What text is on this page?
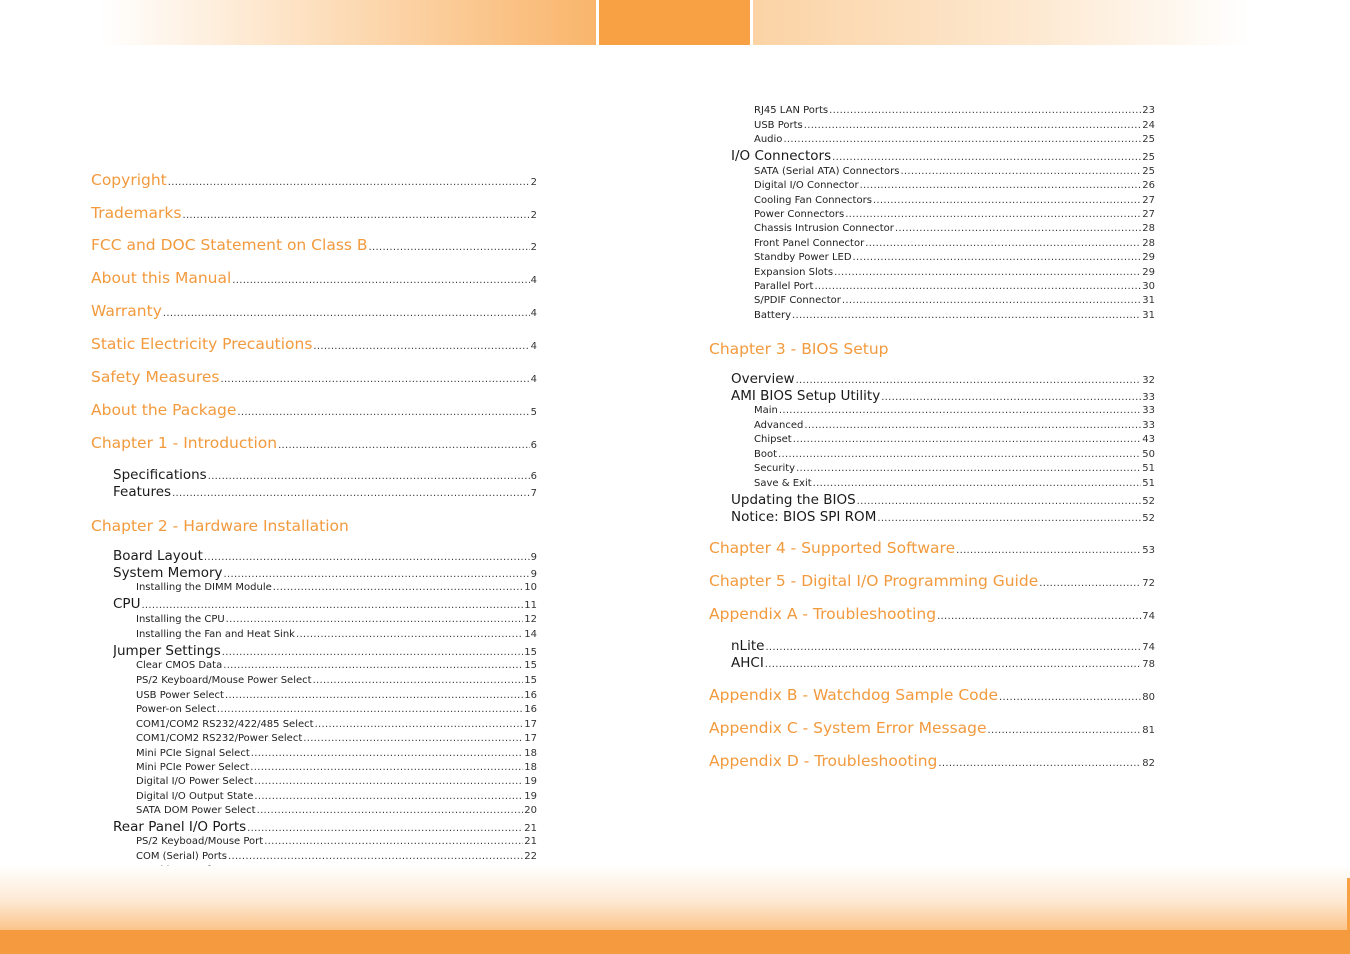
Copyright .....	2
Trademarks .....	2
FCC and DOC Statement on Class B .....	2
About this Manual .....	4
Warranty .....	4
Static Electricity Precautions .....	4
Safety Measures .....	4
About the Package .....	5
Chapter 1 - Introduction .....	6
Specifications .....	6
Features .....	7
Chapter 2 - Hardware Installation
Board Layout .....	9
System Memory .....	9
Installing the DIMM Module .....	10
CPU .....	11
Installing the CPU .....	12
Installing the Fan and Heat Sink .....	14
Jumper Settings .....	15
Clear CMOS Data .....	15
PS/2 Keyboard/Mouse Power Select .....	15
USB Power Select .....	16
Power-on Select .....	16
COM1/COM2 RS232/422/485 Select .....	17
COM1/COM2 RS232/Power Select .....	17
Mini PCIe Signal Select .....	18
Mini PCIe Power Select .....	18
Digital I/O Power Select .....	19
Digital I/O Output State .....	19
SATA DOM Power Select .....	20
Rear Panel I/O Ports .....	21
PS/2 Keyboad/Mouse Port .....	21
COM (Serial) Ports .....	22
.....
RJ45 LAN Ports .....	23
USB Ports .....	24
Audio .....	25
I/O Connectors .....	25
SATA (Serial ATA) Connectors .....	25
Digital I/O Connector .....	26
Cooling Fan Connectors .....	27
Power Connectors .....	27
Chassis Intrusion Connector .....	28
Front Panel Connector .....	28
Standby Power LED .....	29
Expansion Slots .....	29
Parallel Port .....	30
S/PDIF Connector .....	31
Battery .....	31
Chapter 3 - BIOS Setup
Overview .....	32
AMI BIOS Setup Utility .....	33
Main .....	33
Advanced .....	33
Chipset .....	43
Boot .....	50
Security .....	51
Save & Exit .....	51
Updating the BIOS .....	52
Notice: BIOS SPI ROM .....	52
Chapter 4 - Supported Software .....	53
Chapter 5 - Digital I/O Programming Guide .....	72
Appendix A - Troubleshooting .....	74
nLite .....	74
AHCI .....	78
Appendix B - Watchdog Sample Code .....	80
Appendix C - System Error Message .....	81
Appendix D - Troubleshooting .....	82
